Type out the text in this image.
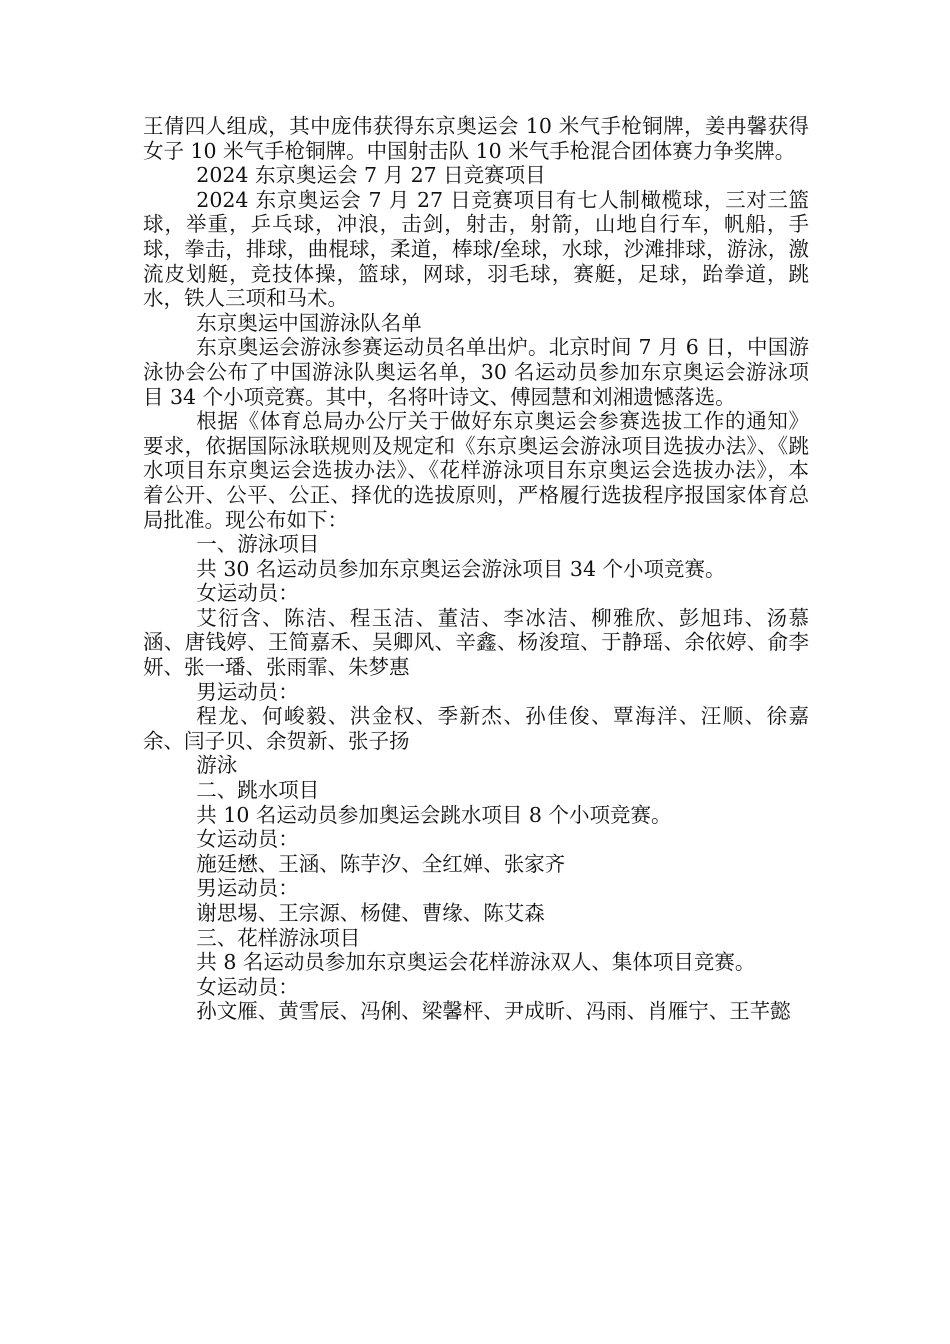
王倩四人组成，其中庞伟获得东京奥运会 10 米气手枪铜牌，姜冉馨获得女子 10 米气手枪铜牌。中国射击队 10 米气手枪混合团体赛力争奖牌。

2024 东京奥运会 7 月 27 日竞赛项目

2024 东京奥运会 7 月 27 日竞赛项目有七人制橄榄球，三对三篮球，举重，乒乓球，冲浪，击剑，射击，射箭，山地自行车，帆船，手球，拳击，排球，曲棍球，柔道，棒球/垒球，水球，沙滩排球，游泳，激流皮划艇，竞技体操，篮球，网球，羽毛球，赛艇，足球，跆拳道，跳水，铁人三项和马术。

东京奥运中国游泳队名单

东京奥运会游泳参赛运动员名单出炉。北京时间 7 月 6 日，中国游泳协会公布了中国游泳队奥运名单，30 名运动员参加东京奥运会游泳项目 34 个小项竞赛。其中，名将叶诗文、傅园慧和刘湘遗憾落选。

根据《体育总局办公厅关于做好东京奥运会参赛选拔工作的通知》要求，依据国际泳联规则及规定和《东京奥运会游泳项目选拔办法》、《跳水项目东京奥运会选拔办法》、《花样游泳项目东京奥运会选拔办法》，本着公开、公平、公正、择优的选拔原则，严格履行选拔程序报国家体育总局批准。现公布如下：

一、游泳项目

共 30 名运动员参加东京奥运会游泳项目 34 个小项竞赛。

女运动员：

艾衍含、陈洁、程玉洁、董洁、李冰洁、柳雅欣、彭旭玮、汤慕涵、唐钱婷、王简嘉禾、吴卿风、辛鑫、杨浚瑄、于静瑶、余依婷、俞李妍、张一璠、张雨霏、朱梦惠

男运动员：

程龙、何峻毅、洪金权、季新杰、孙佳俊、覃海洋、汪顺、徐嘉余、闫子贝、余贺新、张子扬

游泳

二、跳水项目

共 10 名运动员参加奥运会跳水项目 8 个小项竞赛。

女运动员：

施廷懋、王涵、陈芋汐、全红婵、张家齐

男运动员：

谢思埸、王宗源、杨健、曹缘、陈艾森

三、花样游泳项目

共 8 名运动员参加东京奥运会花样游泳双人、集体项目竞赛。

女运动员：

孙文雁、黄雪辰、冯俐、梁馨枰、尹成昕、冯雨、肖雁宁、王芊懿
